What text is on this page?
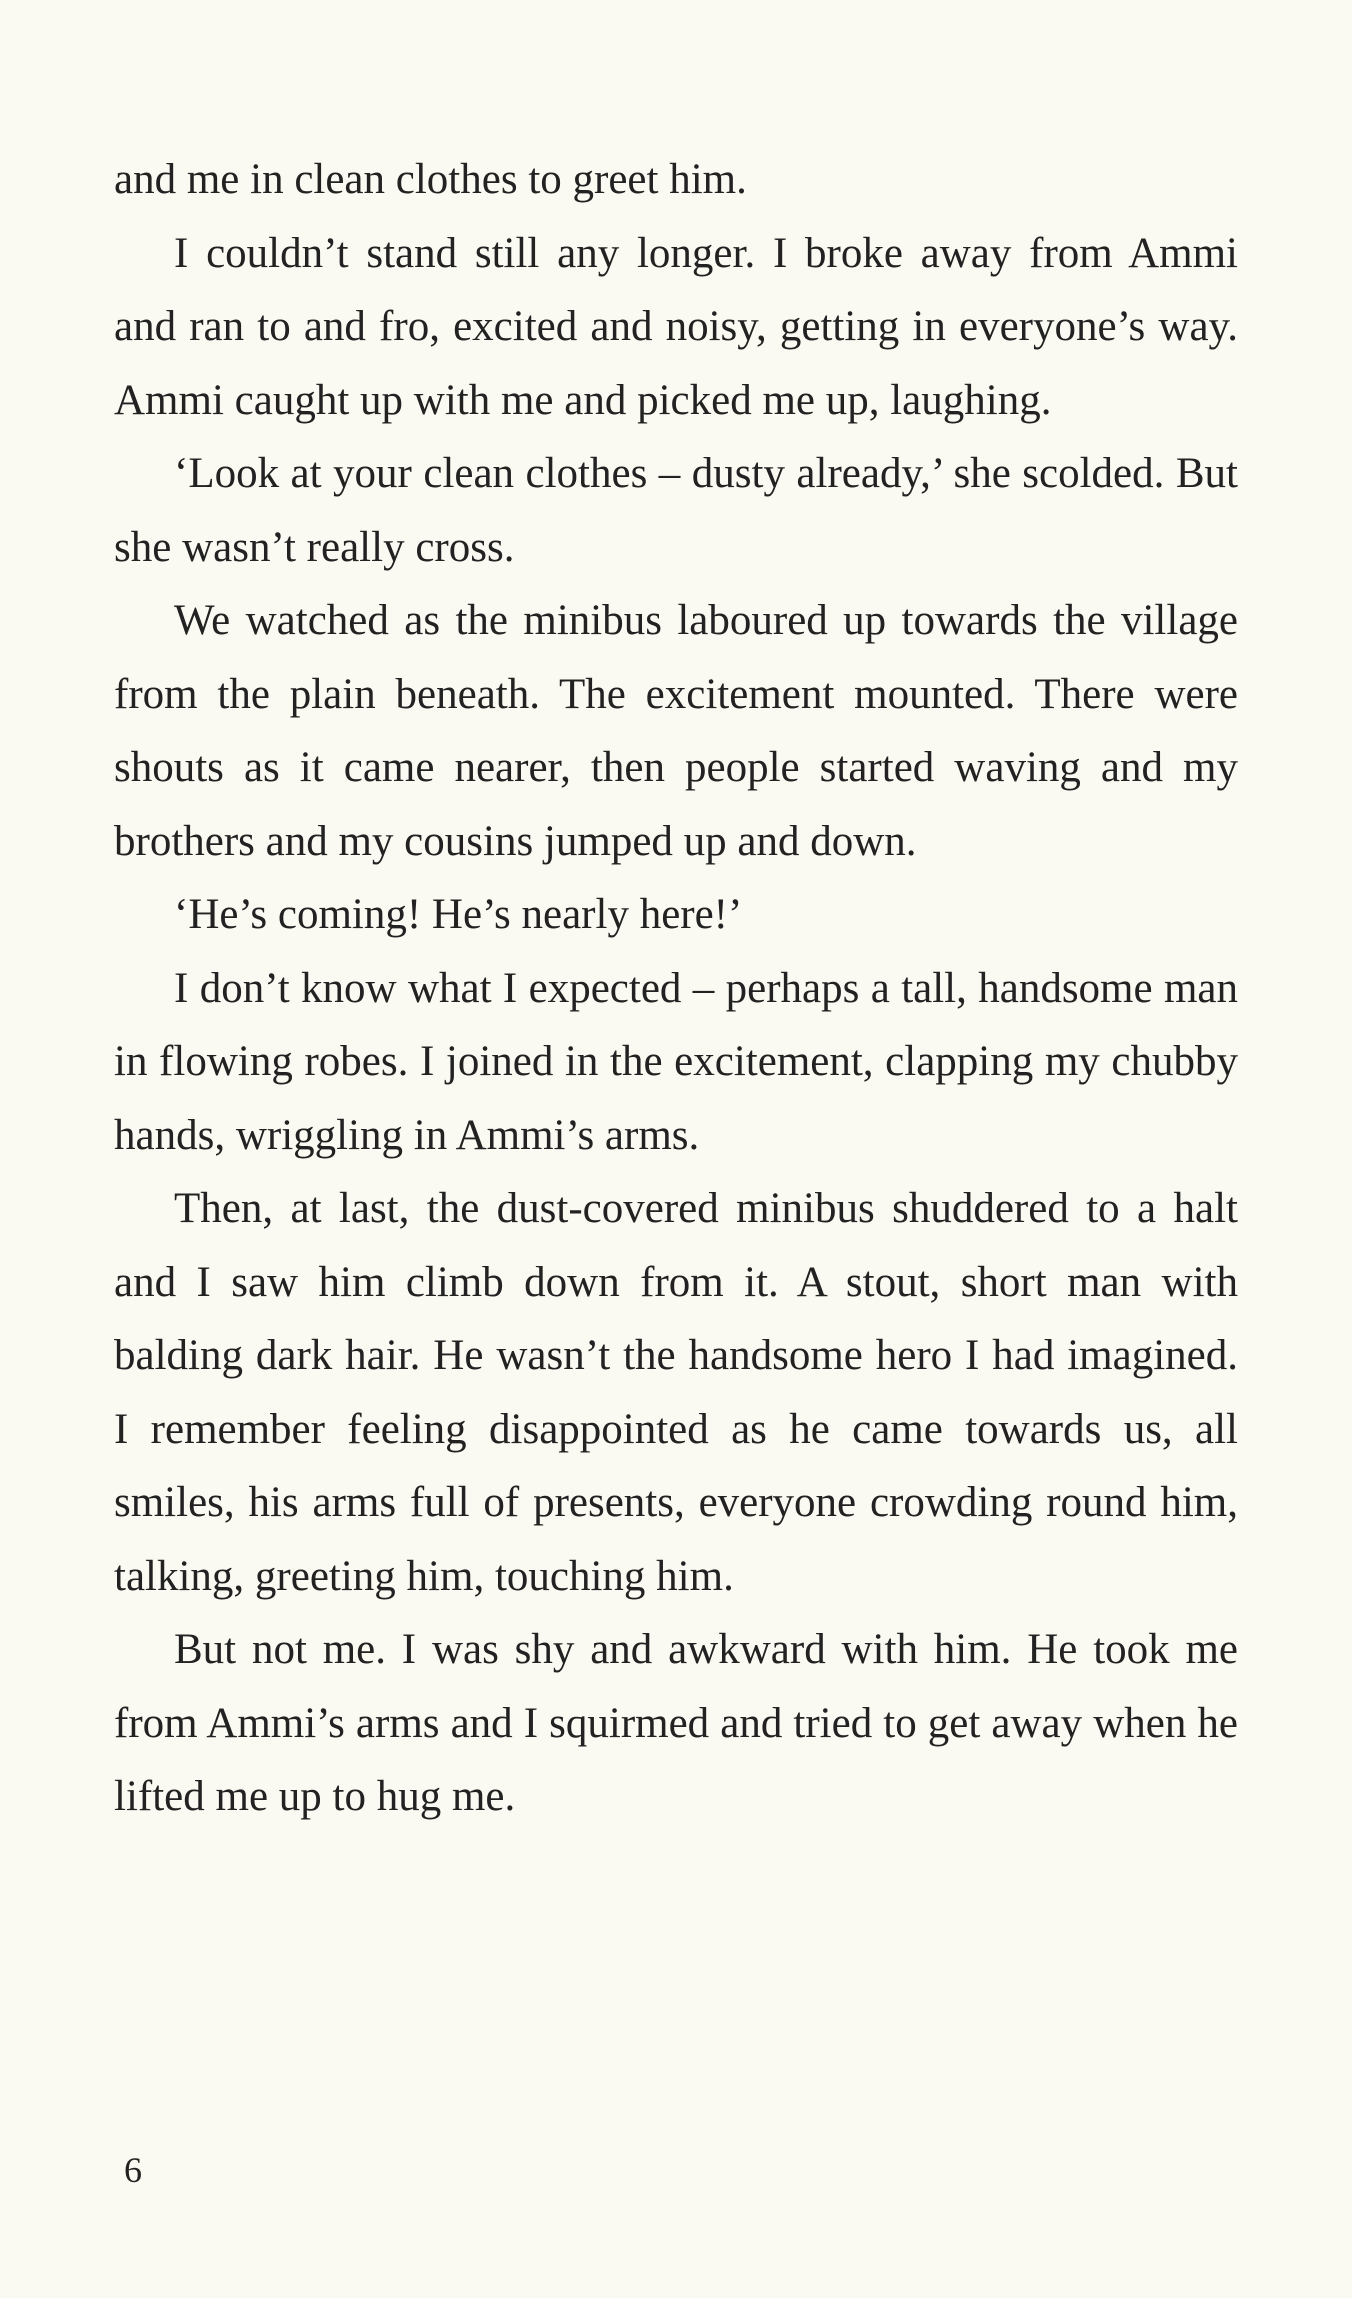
and me in clean clothes to greet him.

I couldn’t stand still any longer. I broke away from Ammi and ran to and fro, excited and noisy, getting in everyone’s way. Ammi caught up with me and picked me up, laughing.

‘Look at your clean clothes – dusty already,’ she scolded. But she wasn’t really cross.

We watched as the minibus laboured up towards the village from the plain beneath. The excitement mounted. There were shouts as it came nearer, then people started waving and my brothers and my cousins jumped up and down.

‘He’s coming! He’s nearly here!’

I don’t know what I expected – perhaps a tall, handsome man in flowing robes. I joined in the excitement, clapping my chubby hands, wriggling in Ammi’s arms.

Then, at last, the dust-covered minibus shuddered to a halt and I saw him climb down from it. A stout, short man with balding dark hair. He wasn’t the handsome hero I had imagined. I remember feeling disappointed as he came towards us, all smiles, his arms full of presents, everyone crowding round him, talking, greeting him, touching him.

But not me. I was shy and awkward with him. He took me from Ammi’s arms and I squirmed and tried to get away when he lifted me up to hug me.

6
